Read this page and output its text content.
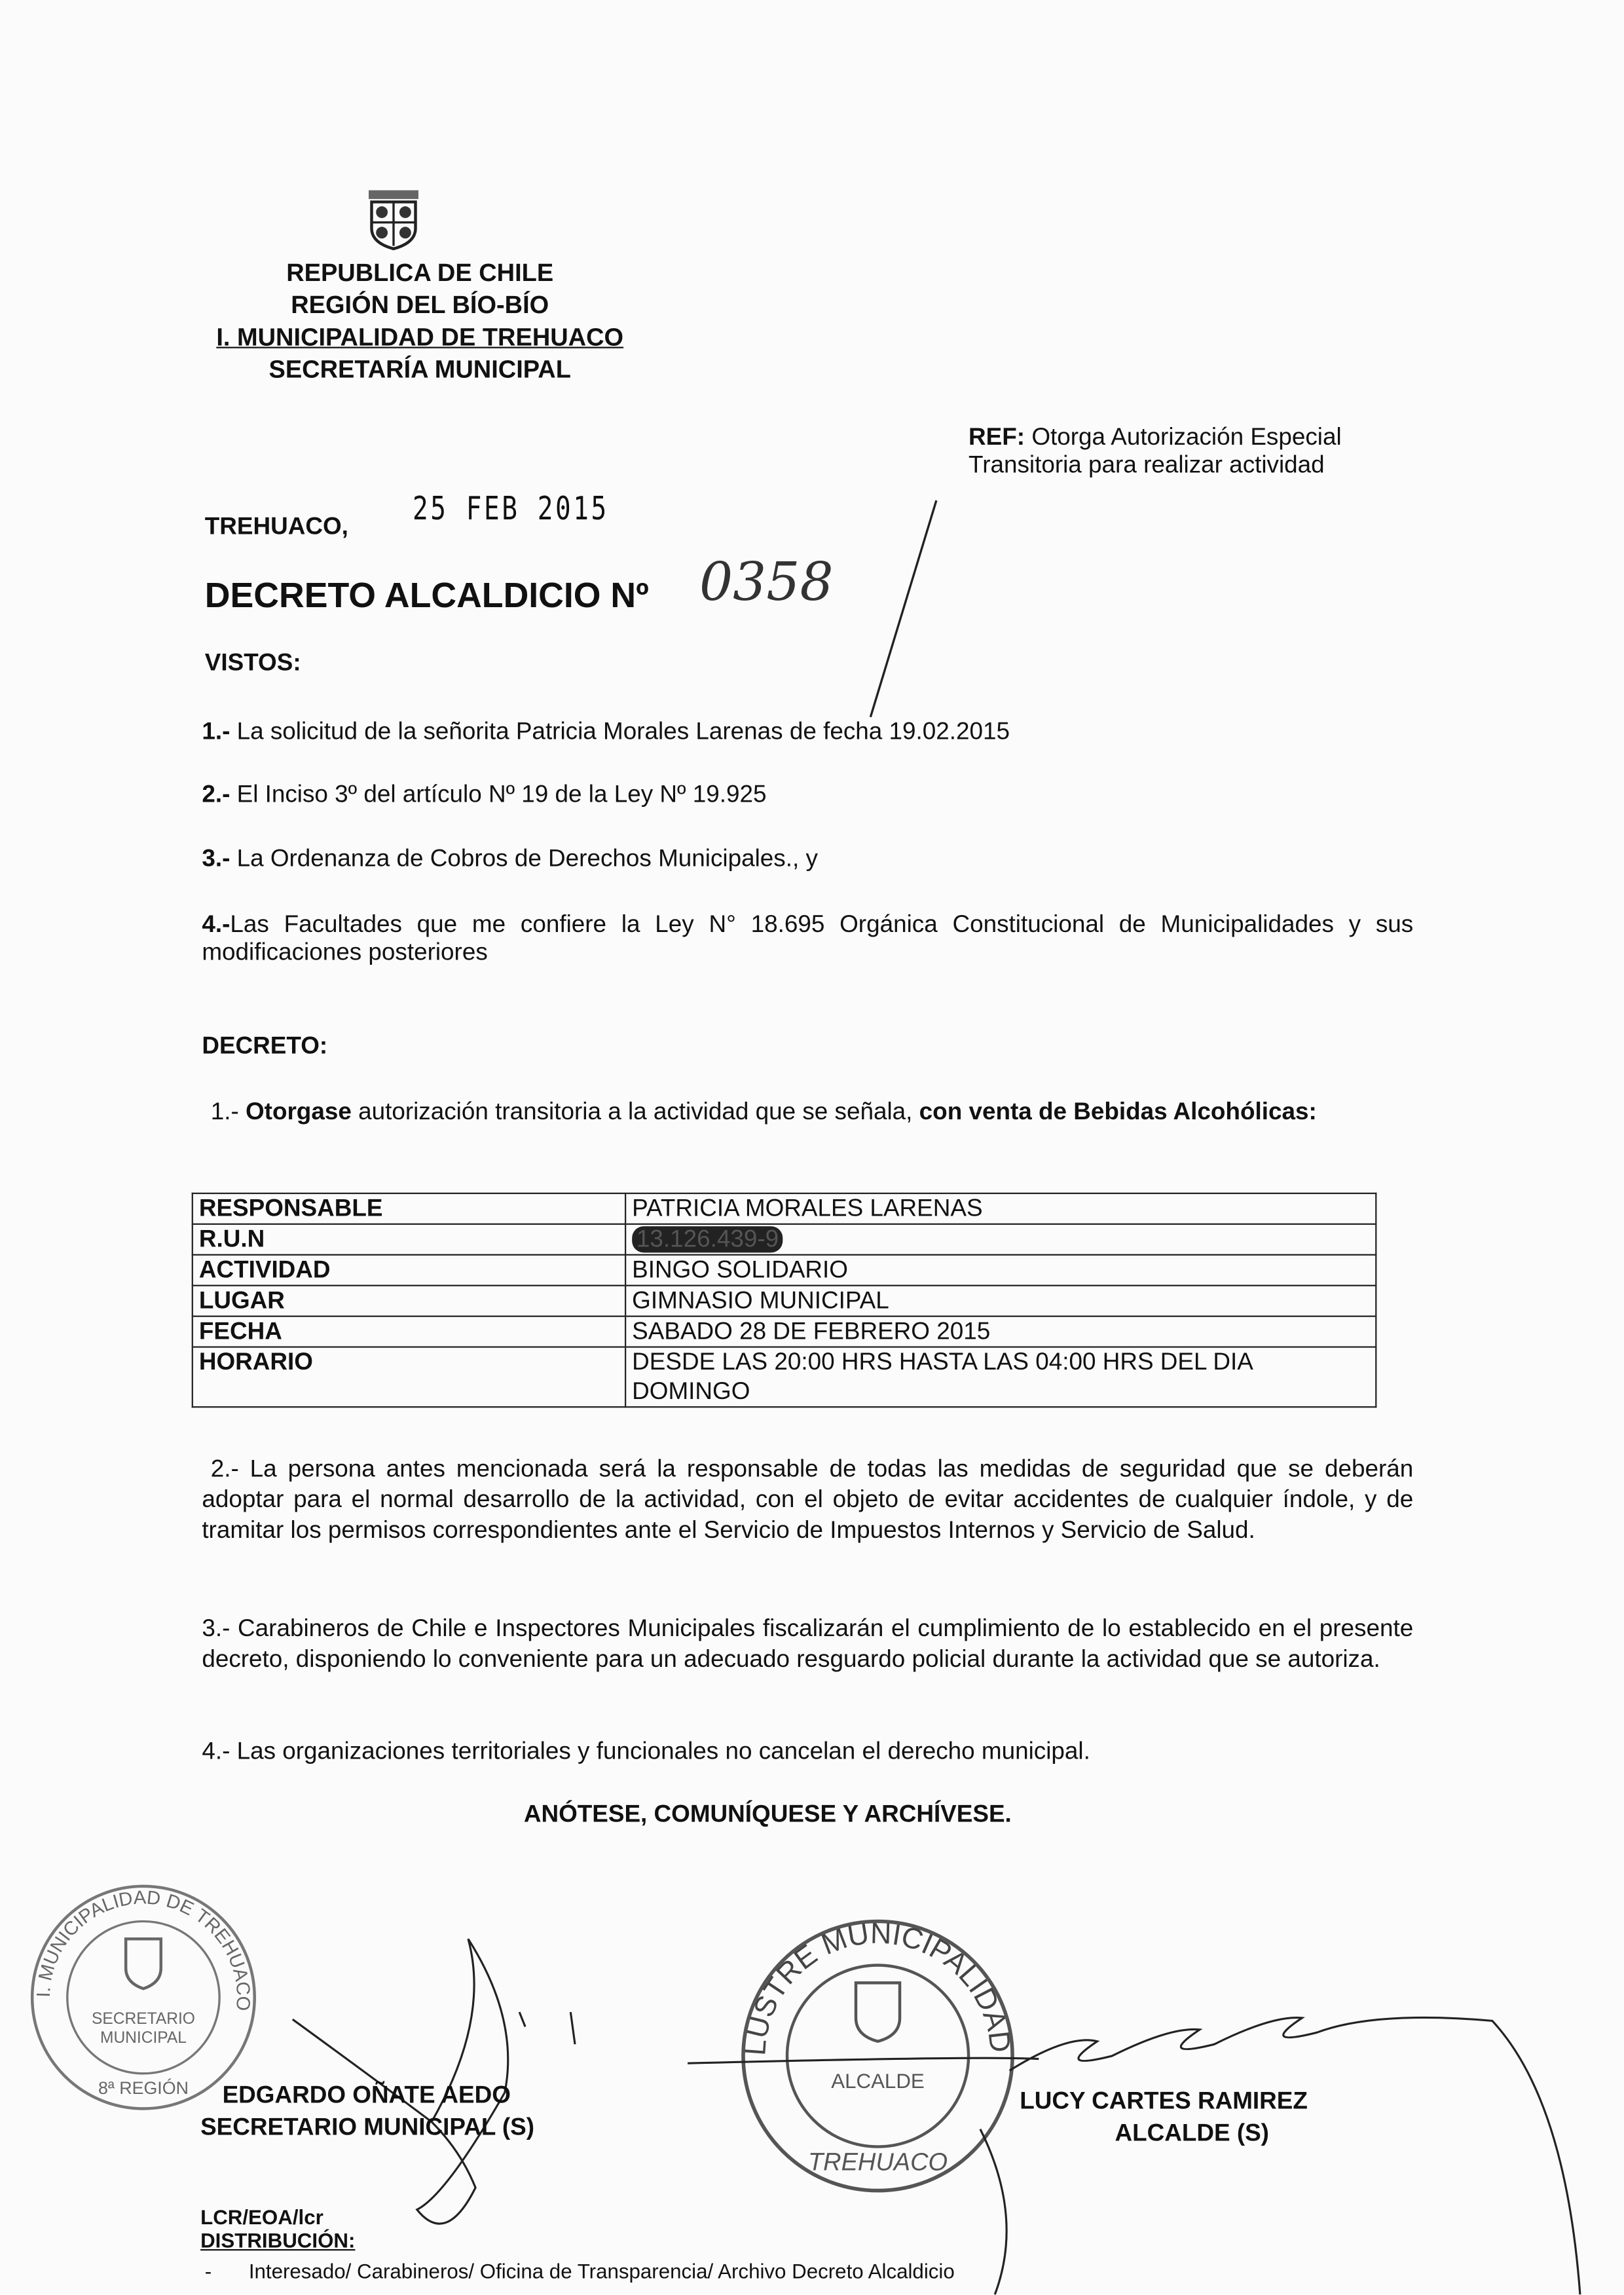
REPUBLICA DE CHILE
REGIÓN DEL BÍO-BÍO
I. MUNICIPALIDAD DE TREHUACO
SECRETARÍA MUNICIPAL
REF: Otorga Autorización Especial
Transitoria para realizar actividad
TREHUACO,	25 FEB 2015
DECRETO ALCALDICIO Nº 0358
VISTOS:
1.- La solicitud de la señorita Patricia Morales Larenas de fecha 19.02.2015
2.- El Inciso 3º del artículo Nº 19 de la Ley Nº 19.925
3.- La Ordenanza de Cobros de Derechos Municipales., y
4.-Las Facultades que me confiere la Ley N° 18.695 Orgánica Constitucional de Municipalidades y sus modificaciones posteriores
DECRETO:
1.- Otorgase autorización transitoria a la actividad que se señala, con venta de Bebidas Alcohólicas:
RESPONSABLE	PATRICIA MORALES LARENAS
R.U.N	13.126.439-9
ACTIVIDAD	BINGO SOLIDARIO
LUGAR	GIMNASIO MUNICIPAL
FECHA	SABADO 28 DE FEBRERO 2015
HORARIO	DESDE LAS 20:00 HRS HASTA LAS 04:00 HRS DEL DIA DOMINGO
2.- La persona antes mencionada será la responsable de todas las medidas de seguridad que se deberán adoptar para el normal desarrollo de la actividad, con el objeto de evitar accidentes de cualquier índole, y de tramitar los permisos correspondientes ante el Servicio de Impuestos Internos y Servicio de Salud.
3.- Carabineros de Chile e Inspectores Municipales fiscalizarán el cumplimiento de lo establecido en el presente decreto, disponiendo lo conveniente para un adecuado resguardo policial durante la actividad que se autoriza.
4.- Las organizaciones territoriales y funcionales no cancelan el derecho municipal.
ANÓTESE, COMUNÍQUESE Y ARCHÍVESE.
I. MUNICIPALIDAD DE TREHUACO
SECRETARIO
MUNICIPAL
8ª REGIÓN	EDGARDO OÑATE AEDO
SECRETARIO MUNICIPAL (S)
LUSTRE MUNICIPALIDAD
ALCALDE
TREHUACO
LUCY CARTES RAMIREZ
ALCALDE (S)
LCR/EOA/lcr
DISTRIBUCIÓN:
-	Interesado/ Carabineros/ Oficina de Transparencia/ Archivo Decreto Alcaldicio
